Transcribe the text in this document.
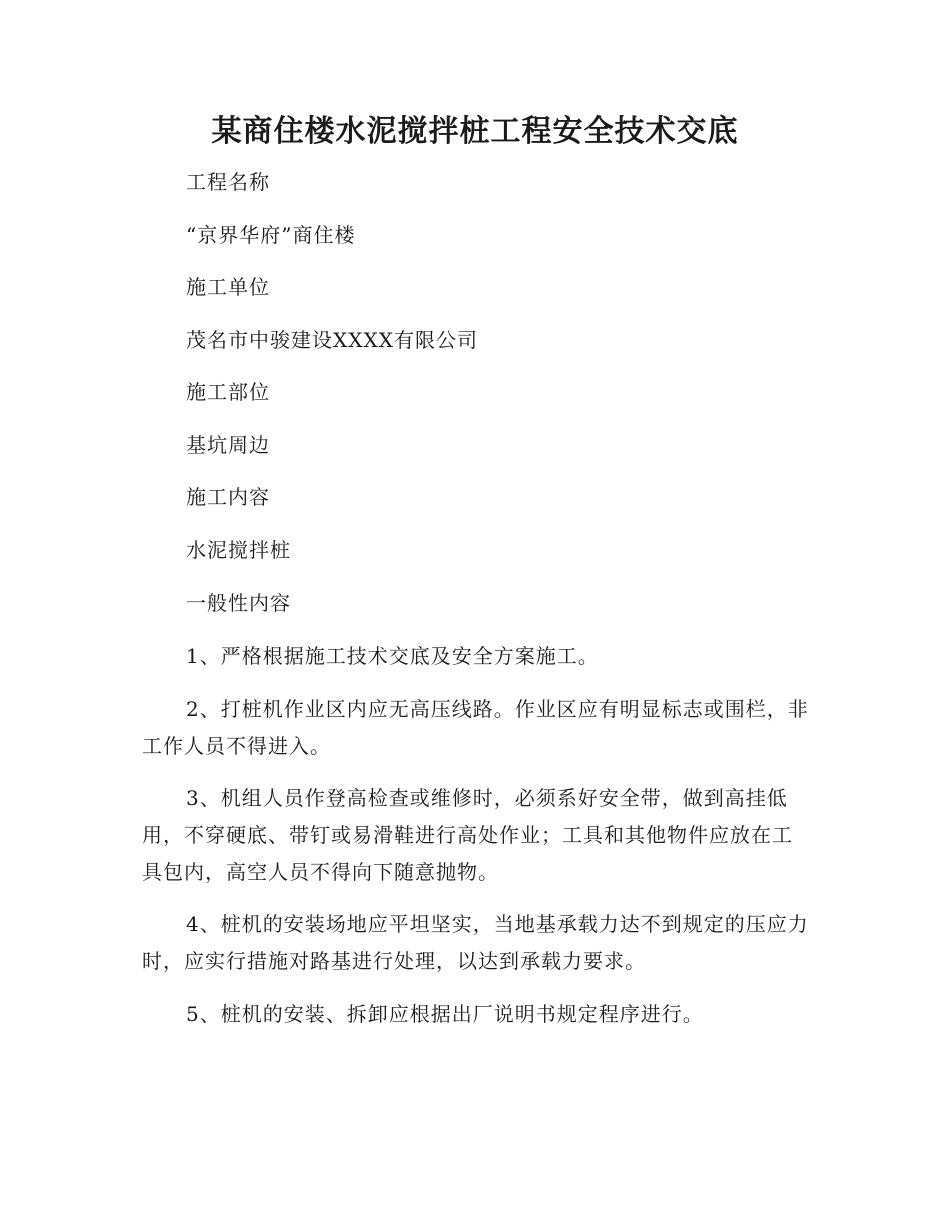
某商住楼水泥搅拌桩工程安全技术交底
工程名称
“京界华府”商住楼
施工单位
茂名市中骏建设XXXX有限公司
施工部位
基坑周边
施工内容
水泥搅拌桩
一般性内容

1、严格根据施工技术交底及安全方案施工。

2、打桩机作业区内应无高压线路。作业区应有明显标志或围栏，非工作人员不得进入。

3、机组人员作登高检查或维修时，必须系好安全带，做到高挂低用，不穿硬底、带钉或易滑鞋进行高处作业；工具和其他物件应放在工具包内，高空人员不得向下随意抛物。

4、桩机的安装场地应平坦坚实，当地基承载力达不到规定的压应力时，应实行措施对路基进行处理，以达到承载力要求。

5、桩机的安装、拆卸应根据出厂说明书规定程序进行。
